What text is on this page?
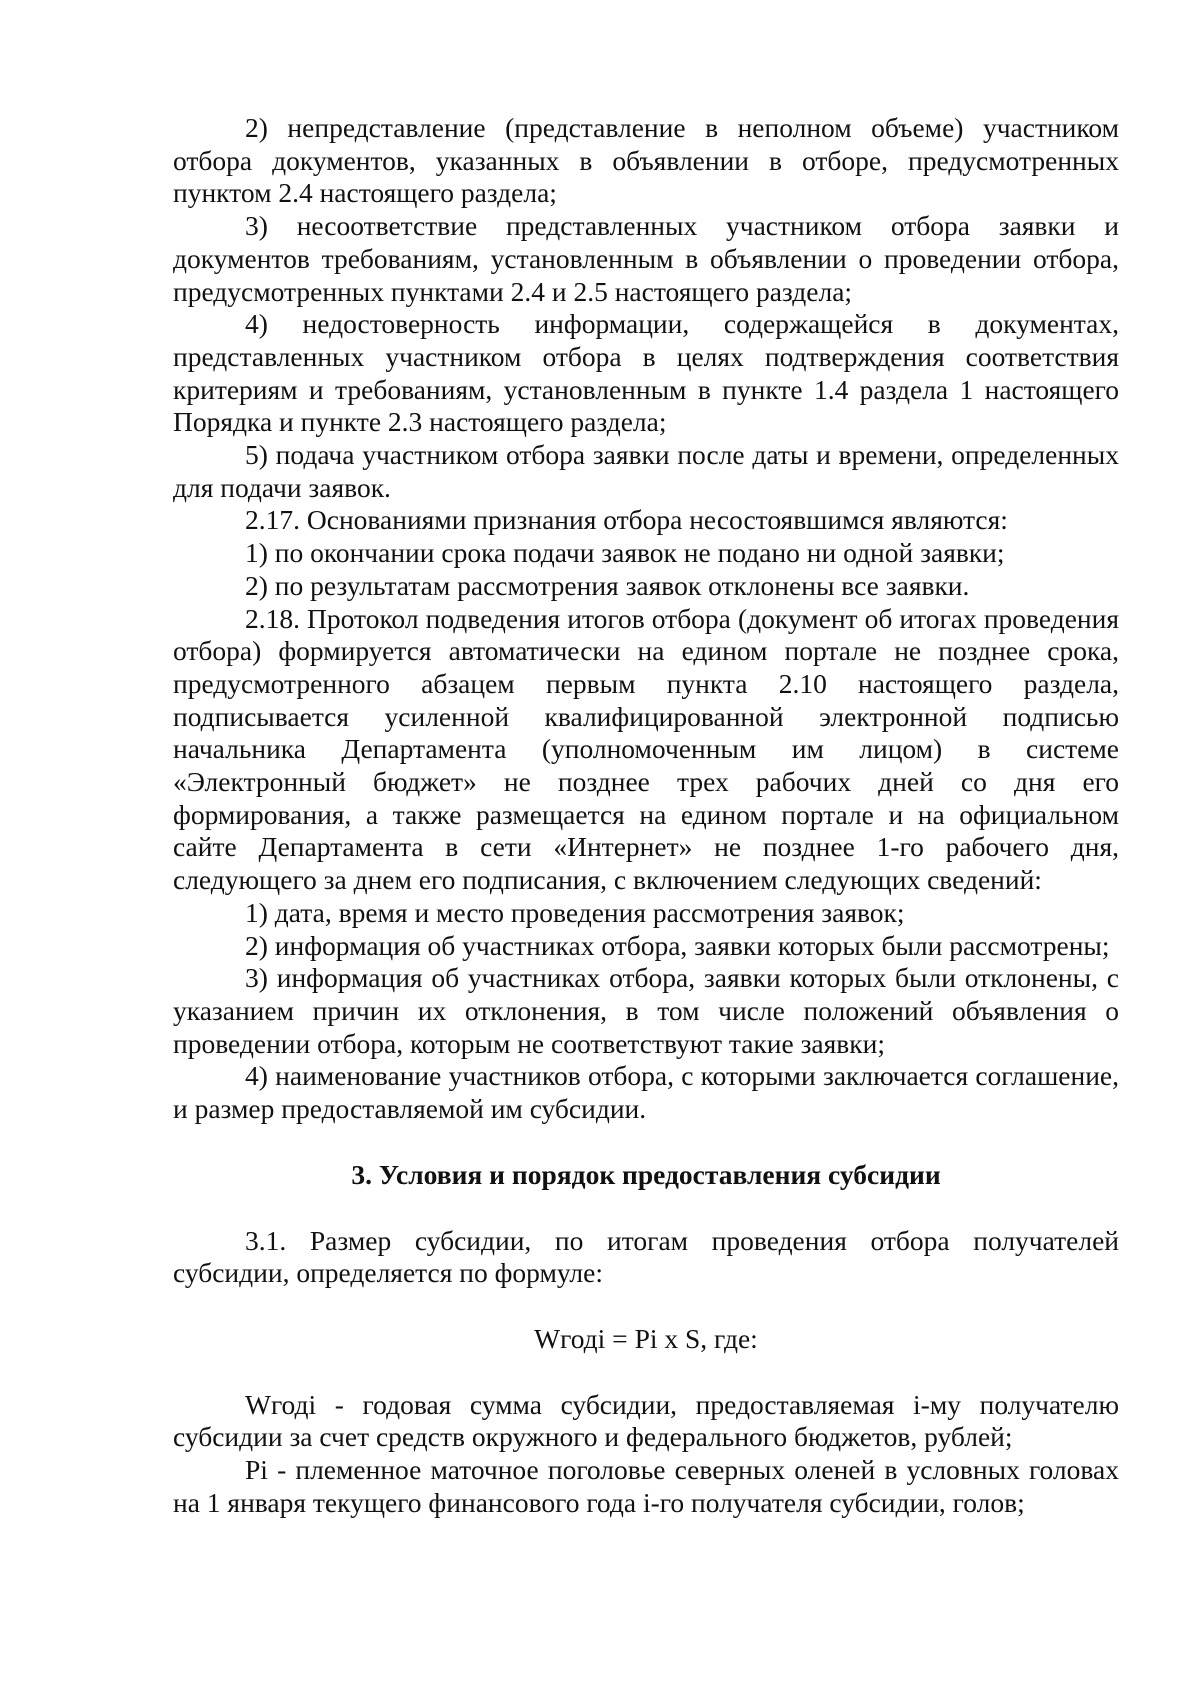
2) непредставление (представление в неполном объеме) участником отбора документов, указанных в объявлении в отборе, предусмотренных пунктом 2.4 настоящего раздела;

3) несоответствие представленных участником отбора заявки и документов требованиям, установленным в объявлении о проведении отбора, предусмотренных пунктами 2.4 и 2.5 настоящего раздела;

4) недостоверность информации, содержащейся в документах, представленных участником отбора в целях подтверждения соответствия критериям и требованиям, установленным в пункте 1.4 раздела 1 настоящего Порядка и пункте 2.3 настоящего раздела;

5) подача участником отбора заявки после даты и времени, определенных для подачи заявок.

2.17. Основаниями признания отбора несостоявшимся являются:

1) по окончании срока подачи заявок не подано ни одной заявки;

2) по результатам рассмотрения заявок отклонены все заявки.

2.18. Протокол подведения итогов отбора (документ об итогах проведения отбора) формируется автоматически на едином портале не позднее срока, предусмотренного абзацем первым пункта 2.10 настоящего раздела, подписывается усиленной квалифицированной электронной подписью начальника Департамента (уполномоченным им лицом) в системе «Электронный бюджет» не позднее трех рабочих дней со дня его формирования, а также размещается на едином портале и на официальном сайте Департамента в сети «Интернет» не позднее 1-го рабочего дня, следующего за днем его подписания, с включением следующих сведений:

1) дата, время и место проведения рассмотрения заявок;

2) информация об участниках отбора, заявки которых были рассмотрены;

3) информация об участниках отбора, заявки которых были отклонены, с указанием причин их отклонения, в том числе положений объявления о проведении отбора, которым не соответствуют такие заявки;

4) наименование участников отбора, с которыми заключается соглашение, и размер предоставляемой им субсидии.

3. Условия и порядок предоставления субсидии

3.1. Размер субсидии, по итогам проведения отбора получателей субсидии, определяется по формуле:

Wгодi = Pi x S, где:

Wгодi - годовая сумма субсидии, предоставляемая i-му получателю субсидии за счет средств окружного и федерального бюджетов, рублей;

Pi - племенное маточное поголовье северных оленей в условных головах на 1 января текущего финансового года i-го получателя субсидии, голов;
